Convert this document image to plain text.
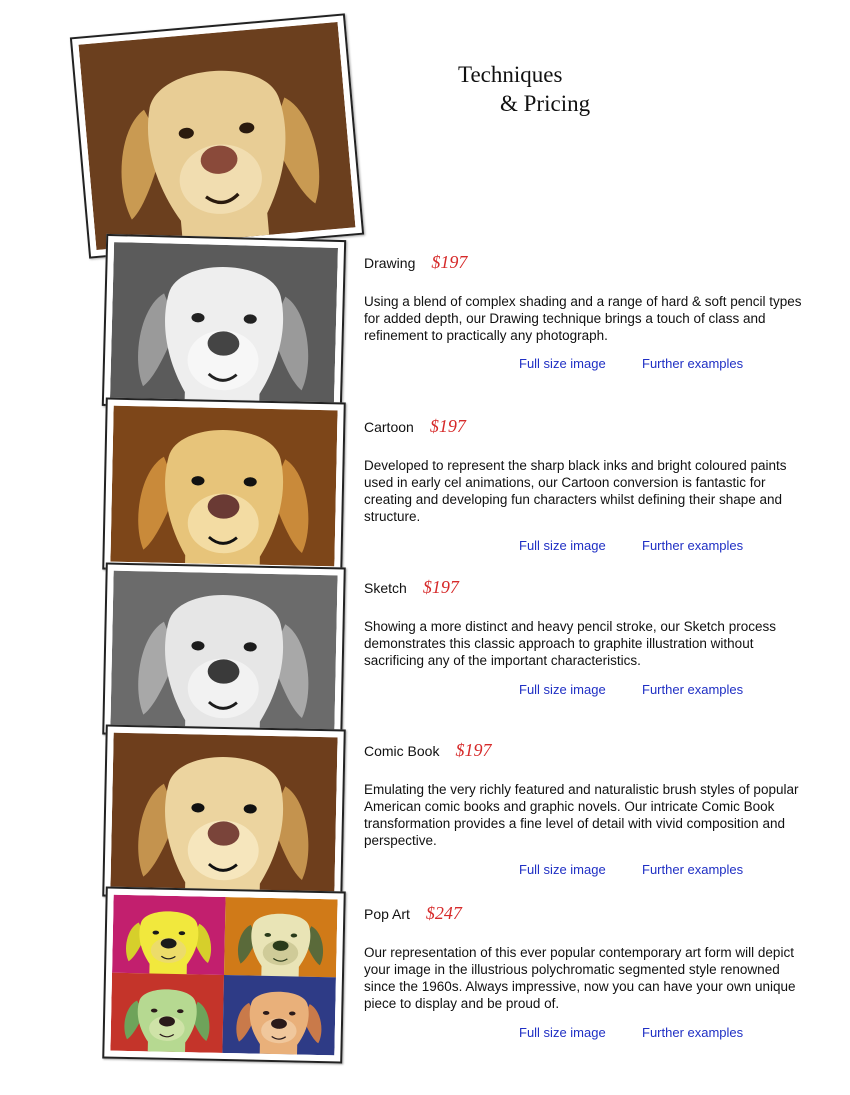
Techniques
& Pricing
Drawing $197

Using a blend of complex shading and a range of hard & soft pencil types for added depth, our Drawing technique brings a touch of class and refinement to practically any photograph.

Full size image	Further examples
Cartoon $197

Developed to represent the sharp black inks and bright coloured paints used in early cel animations, our Cartoon conversion is fantastic for creating and developing fun characters whilst defining their shape and structure.

Full size image	Further examples
Sketch $197

Showing a more distinct and heavy pencil stroke, our Sketch process demonstrates this classic approach to graphite illustration without sacrificing any of the important characteristics.

Full size image	Further examples
Comic Book $197

Emulating the very richly featured and naturalistic brush styles of popular American comic books and graphic novels. Our intricate Comic Book transformation provides a fine level of detail with vivid composition and perspective.

Full size image	Further examples
Pop Art $247

Our representation of this ever popular contemporary art form will depict your image in the illustrious polychromatic segmented style renowned since the 1960s. Always impressive, now you can have your own unique piece to display and be proud of.

Full size image	Further examples
